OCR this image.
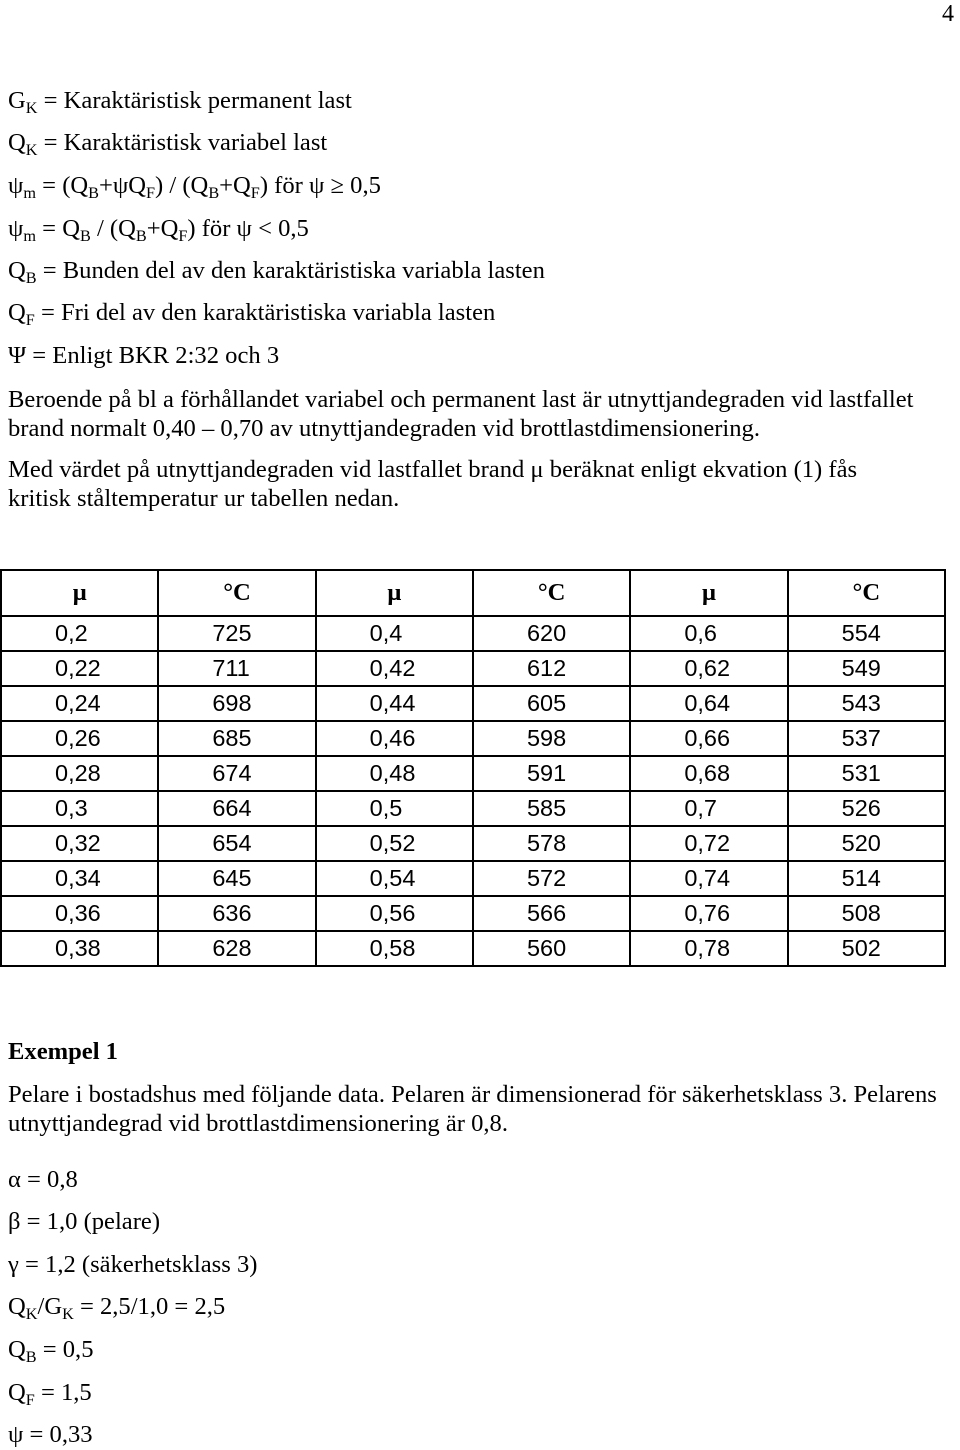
4
GK = Karaktäristisk permanent last
QK = Karaktäristisk variabel last
ψm = (QB+ψQF) / (QB+QF) för ψ ≥ 0,5
ψm = QB / (QB+QF) för ψ < 0,5
QB = Bunden del av den karaktäristiska variabla lasten
QF = Fri del av den karaktäristiska variabla lasten
Ψ = Enligt BKR 2:32 och 3
Beroende på bl a förhållandet variabel och permanent last är utnyttjandegraden vid lastfallet
brand normalt 0,40 – 0,70 av utnyttjandegraden vid brottlastdimensionering.
Med värdet på utnyttjandegraden vid lastfallet brand μ beräknat enligt ekvation (1) fås
kritisk ståltemperatur ur tabellen nedan.
μ	°C	μ	°C	μ	°C
0,2	725	0,4	620	0,6	554
0,22	711	0,42	612	0,62	549
0,24	698	0,44	605	0,64	543
0,26	685	0,46	598	0,66	537
0,28	674	0,48	591	0,68	531
0,3	664	0,5	585	0,7	526
0,32	654	0,52	578	0,72	520
0,34	645	0,54	572	0,74	514
0,36	636	0,56	566	0,76	508
0,38	628	0,58	560	0,78	502
Exempel 1
Pelare i bostadshus med följande data. Pelaren är dimensionerad för säkerhetsklass 3. Pelarens
utnyttjandegrad vid brottlastdimensionering är 0,8.
α = 0,8
β = 1,0 (pelare)
γ = 1,2 (säkerhetsklass 3)
QK/GK = 2,5/1,0 = 2,5
QB = 0,5
QF = 1,5
ψ = 0,33
